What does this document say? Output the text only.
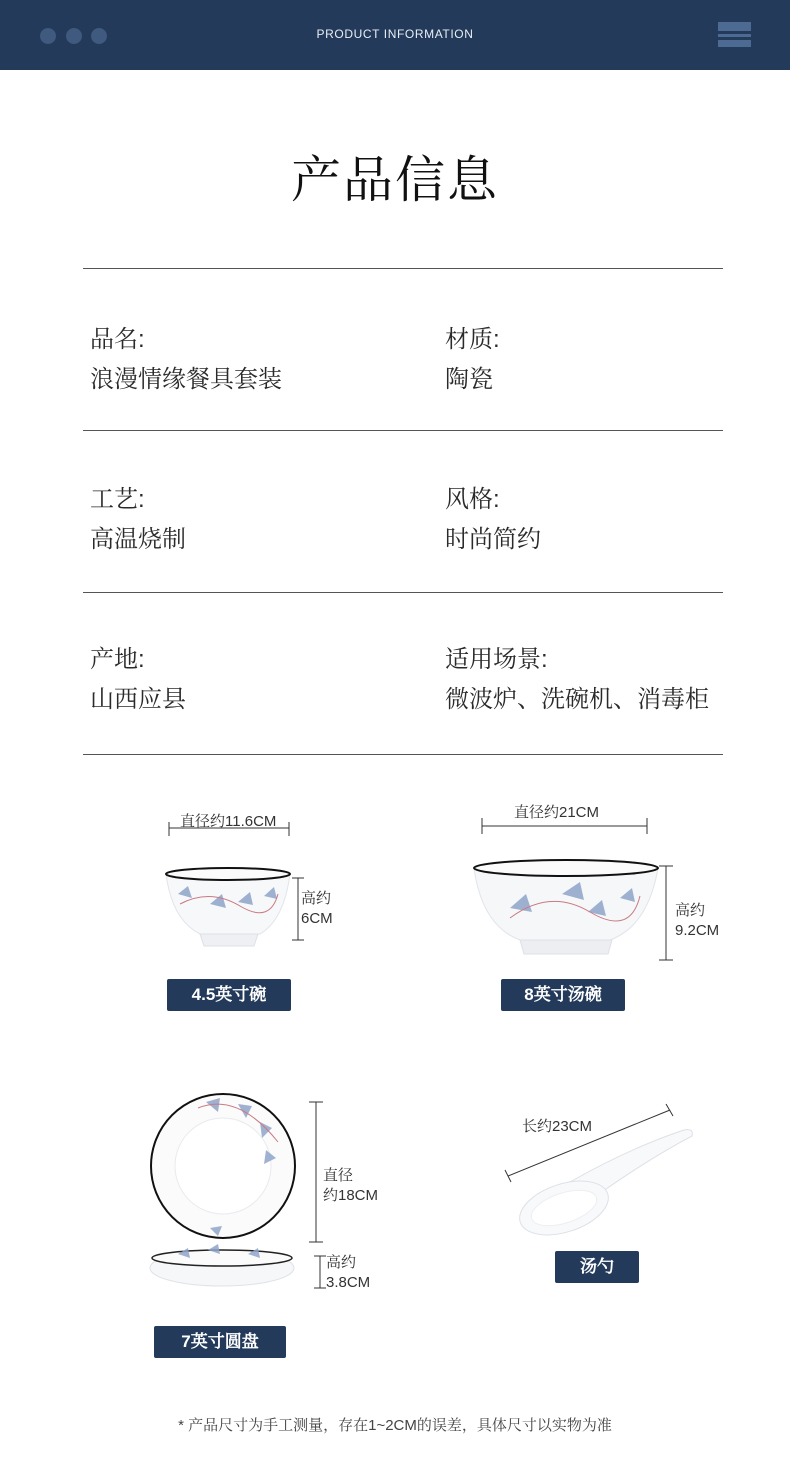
PRODUCT INFORMATION
产品信息
品名:
浪漫情缘餐具套装
材质:
陶瓷
工艺:
高温烧制
风格:
时尚简约
产地:
山西应县
适用场景:
微波炉、洗碗机、消毒柜
直径约11.6CM
高约
6CM
4.5英寸碗
直径约21CM
高约
9.2CM
8英寸汤碗
直径
约18CM
高约
3.8CM
7英寸圆盘
长约23CM
汤勺
* 产品尺寸为手工测量，存在1~2CM的误差，具体尺寸以实物为准
